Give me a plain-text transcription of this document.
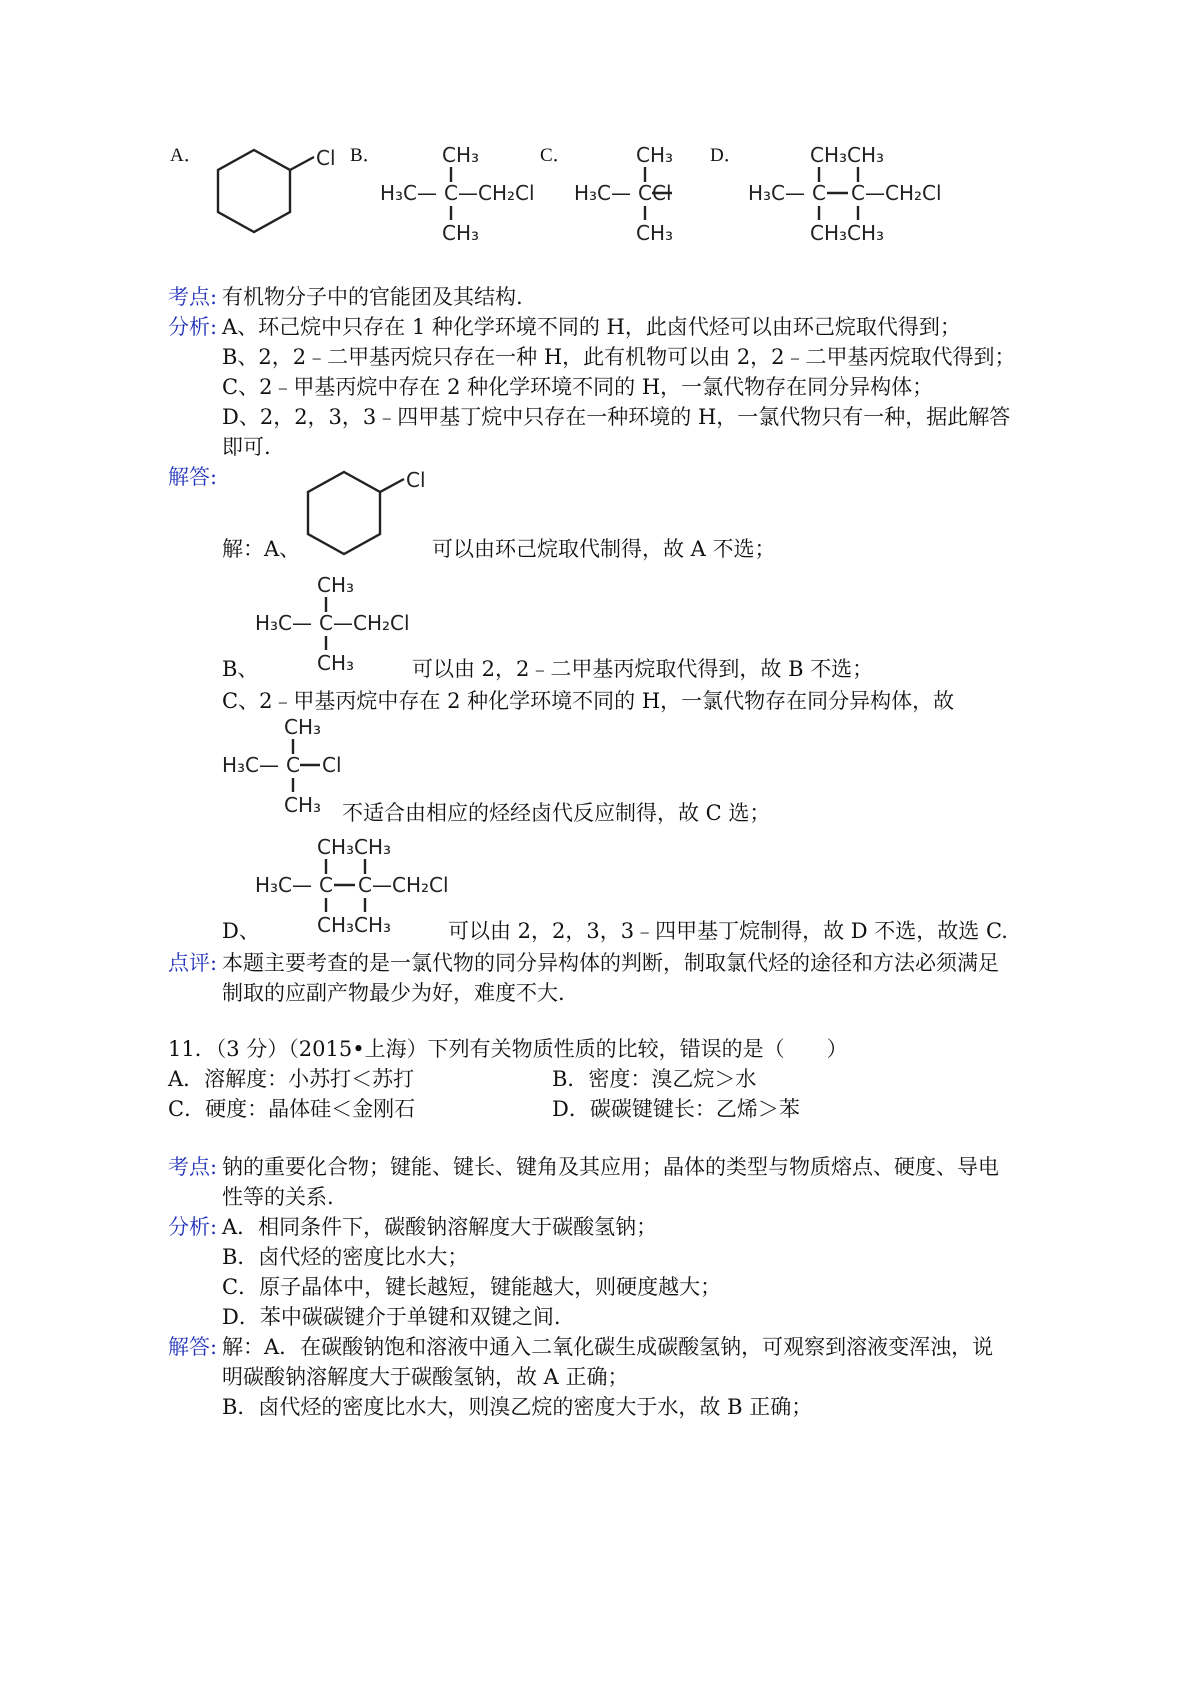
A．	B．	C．	D．
Cl
H₃C— C —CH₂Cl
CH₃
CH₃
H₃C— C Cl
CH₃
CH₃
H₃C— C C —CH₂Cl
CH₃CH₃
CH₃CH₃
考点: 有机物分子中的官能团及其结构.
分析: A、环己烷中只存在 1 种化学环境不同的 H，此卤代烃可以由环己烷取代得到；
B、2，2﹣二甲基丙烷只存在一种 H，此有机物可以由 2，2﹣二甲基丙烷取代得到；
C、2﹣甲基丙烷中存在 2 种化学环境不同的 H，一氯代物存在同分异构体；
D、2，2，3，3﹣四甲基丁烷中只存在一种环境的 H，一氯代物只有一种，据此解答
即可.
解答:	Cl
解：A、	可以由环己烷取代制得，故 A 不选；
H₃C— C —CH₂Cl
CH₃
CH₃
B、	可以由 2，2﹣二甲基丙烷取代得到，故 B 不选；
C、2﹣甲基丙烷中存在 2 种化学环境不同的 H，一氯代物存在同分异构体，故
H₃C— C Cl
CH₃
CH₃ 不适合由相应的烃经卤代反应制得，故 C 选；
H₃C— C C —CH₂Cl
CH₃CH₃
CH₃CH₃
D、	可以由 2，2，3，3﹣四甲基丁烷制得，故 D 不选，故选 C.
点评: 本题主要考查的是一氯代物的同分异构体的判断，制取氯代烃的途径和方法必须满足
制取的应副产物最少为好，难度不大.
11．（3 分）（2015•上海）下列有关物质性质的比较，错误的是（　　）
A．溶解度：小苏打＜苏打	B．密度：溴乙烷＞水
C．硬度：晶体硅＜金刚石	D．碳碳键键长：乙烯＞苯
考点: 钠的重要化合物；键能、键长、键角及其应用；晶体的类型与物质熔点、硬度、导电
性等的关系.
分析: A．相同条件下，碳酸钠溶解度大于碳酸氢钠；
B．卤代烃的密度比水大；
C．原子晶体中，键长越短，键能越大，则硬度越大；
D．苯中碳碳键介于单键和双键之间.
解答: 解：A．在碳酸钠饱和溶液中通入二氧化碳生成碳酸氢钠，可观察到溶液变浑浊，说
明碳酸钠溶解度大于碳酸氢钠，故 A 正确；
B．卤代烃的密度比水大，则溴乙烷的密度大于水，故 B 正确；
